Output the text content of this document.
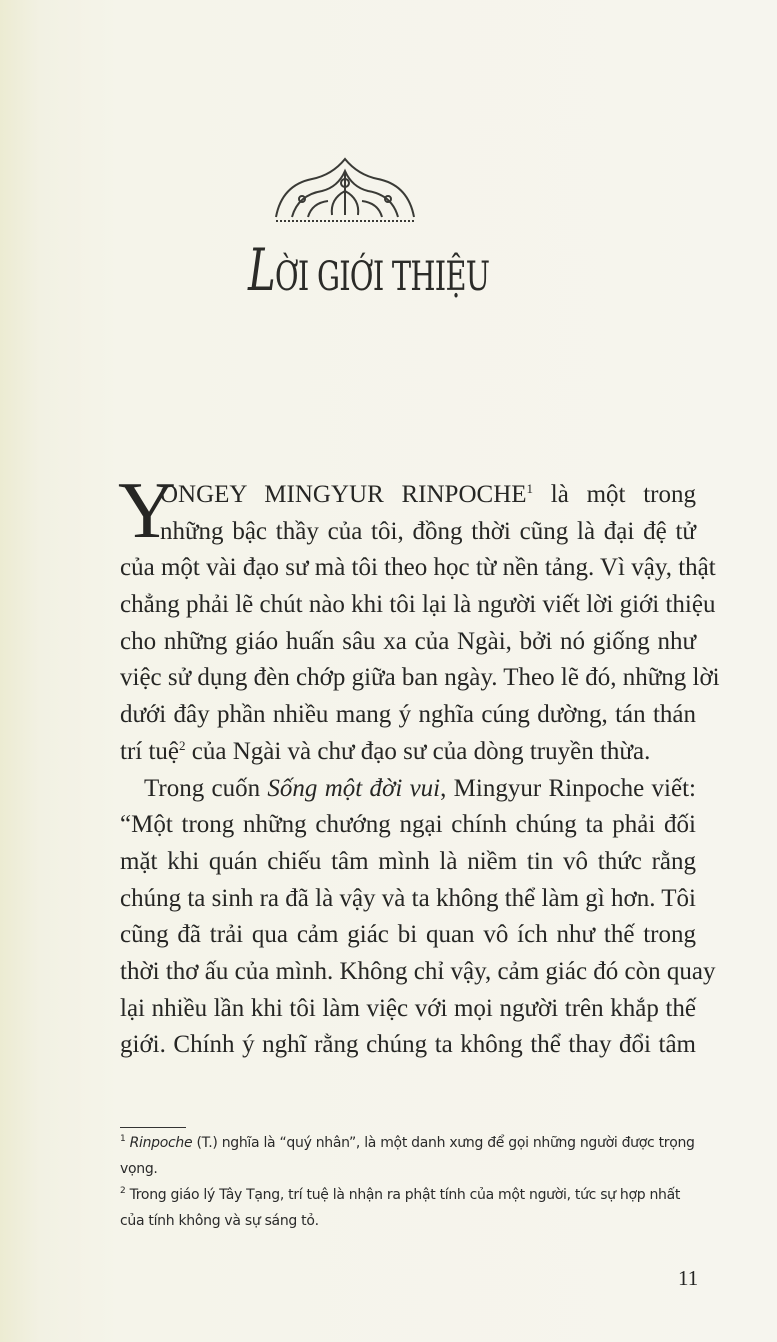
LỜI GIỚI THIỆU
Y
ONGEY MINGYUR RINPOCHE$^1$ là một trong
những bậc thầy của tôi, đồng thời cũng là đại đệ tử
của một vài đạo sư mà tôi theo học từ nền tảng. Vì vậy, thật
chẳng phải lẽ chút nào khi tôi lại là người viết lời giới thiệu
cho những giáo huấn sâu xa của Ngài, bởi nó giống như
việc sử dụng đèn chớp giữa ban ngày. Theo lẽ đó, những lời
dưới đây phần nhiều mang ý nghĩa cúng dường, tán thán
trí tuệ$^2$ của Ngài và chư đạo sư của dòng truyền thừa.
Trong cuốn Sống một đời vui, Mingyur Rinpoche viết:
“Một trong những chướng ngại chính chúng ta phải đối
mặt khi quán chiếu tâm mình là niềm tin vô thức rằng
chúng ta sinh ra đã là vậy và ta không thể làm gì hơn. Tôi
cũng đã trải qua cảm giác bi quan vô ích như thế trong
thời thơ ấu của mình. Không chỉ vậy, cảm giác đó còn quay
lại nhiều lần khi tôi làm việc với mọi người trên khắp thế
giới. Chính ý nghĩ rằng chúng ta không thể thay đổi tâm
$^1$ Rinpoche (T.) nghĩa là “quý nhân”, là một danh xưng để gọi những người được trọng vọng.
$^2$ Trong giáo lý Tây Tạng, trí tuệ là nhận ra phật tính của một người, tức sự hợp nhất của tính không và sự sáng tỏ.
11
